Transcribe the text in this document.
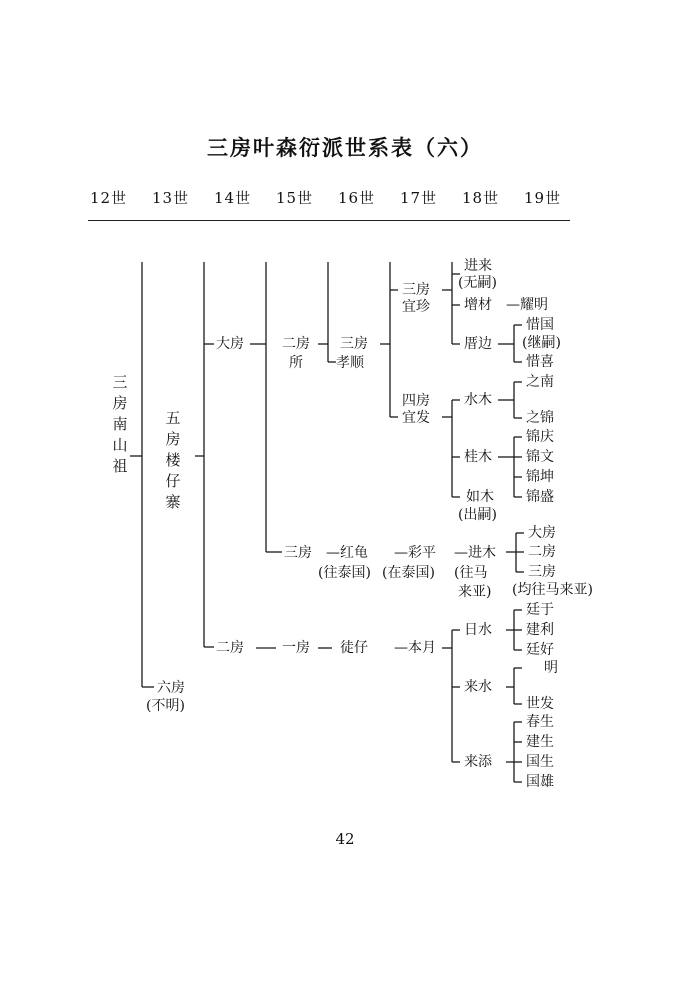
三房叶森衍派世系表（六）
12世 13世 14世 15世 16世 17世 18世 19世
三房南山祖
五房楼仔寨
六房
(不明)
大房
二房
二房
所
三房
一房
三房
孝顺
—红龟
(往泰国)
徒仔
三房
宜珍
四房
宜发
—彩平
(在泰国)
—本月
进来
(无嗣)
增材
厝边
水木
桂木
如木
(出嗣)
—进木
(往马
来亚)
日水
来水
来添
—耀明
惜国
(继嗣)
惜喜
之南
之锦
锦庆
锦文
锦坤
锦盛
大房
二房
三房
(均往马来亚)
廷于
建利
廷好
明
世发
春生
建生
国生
国雄
42
